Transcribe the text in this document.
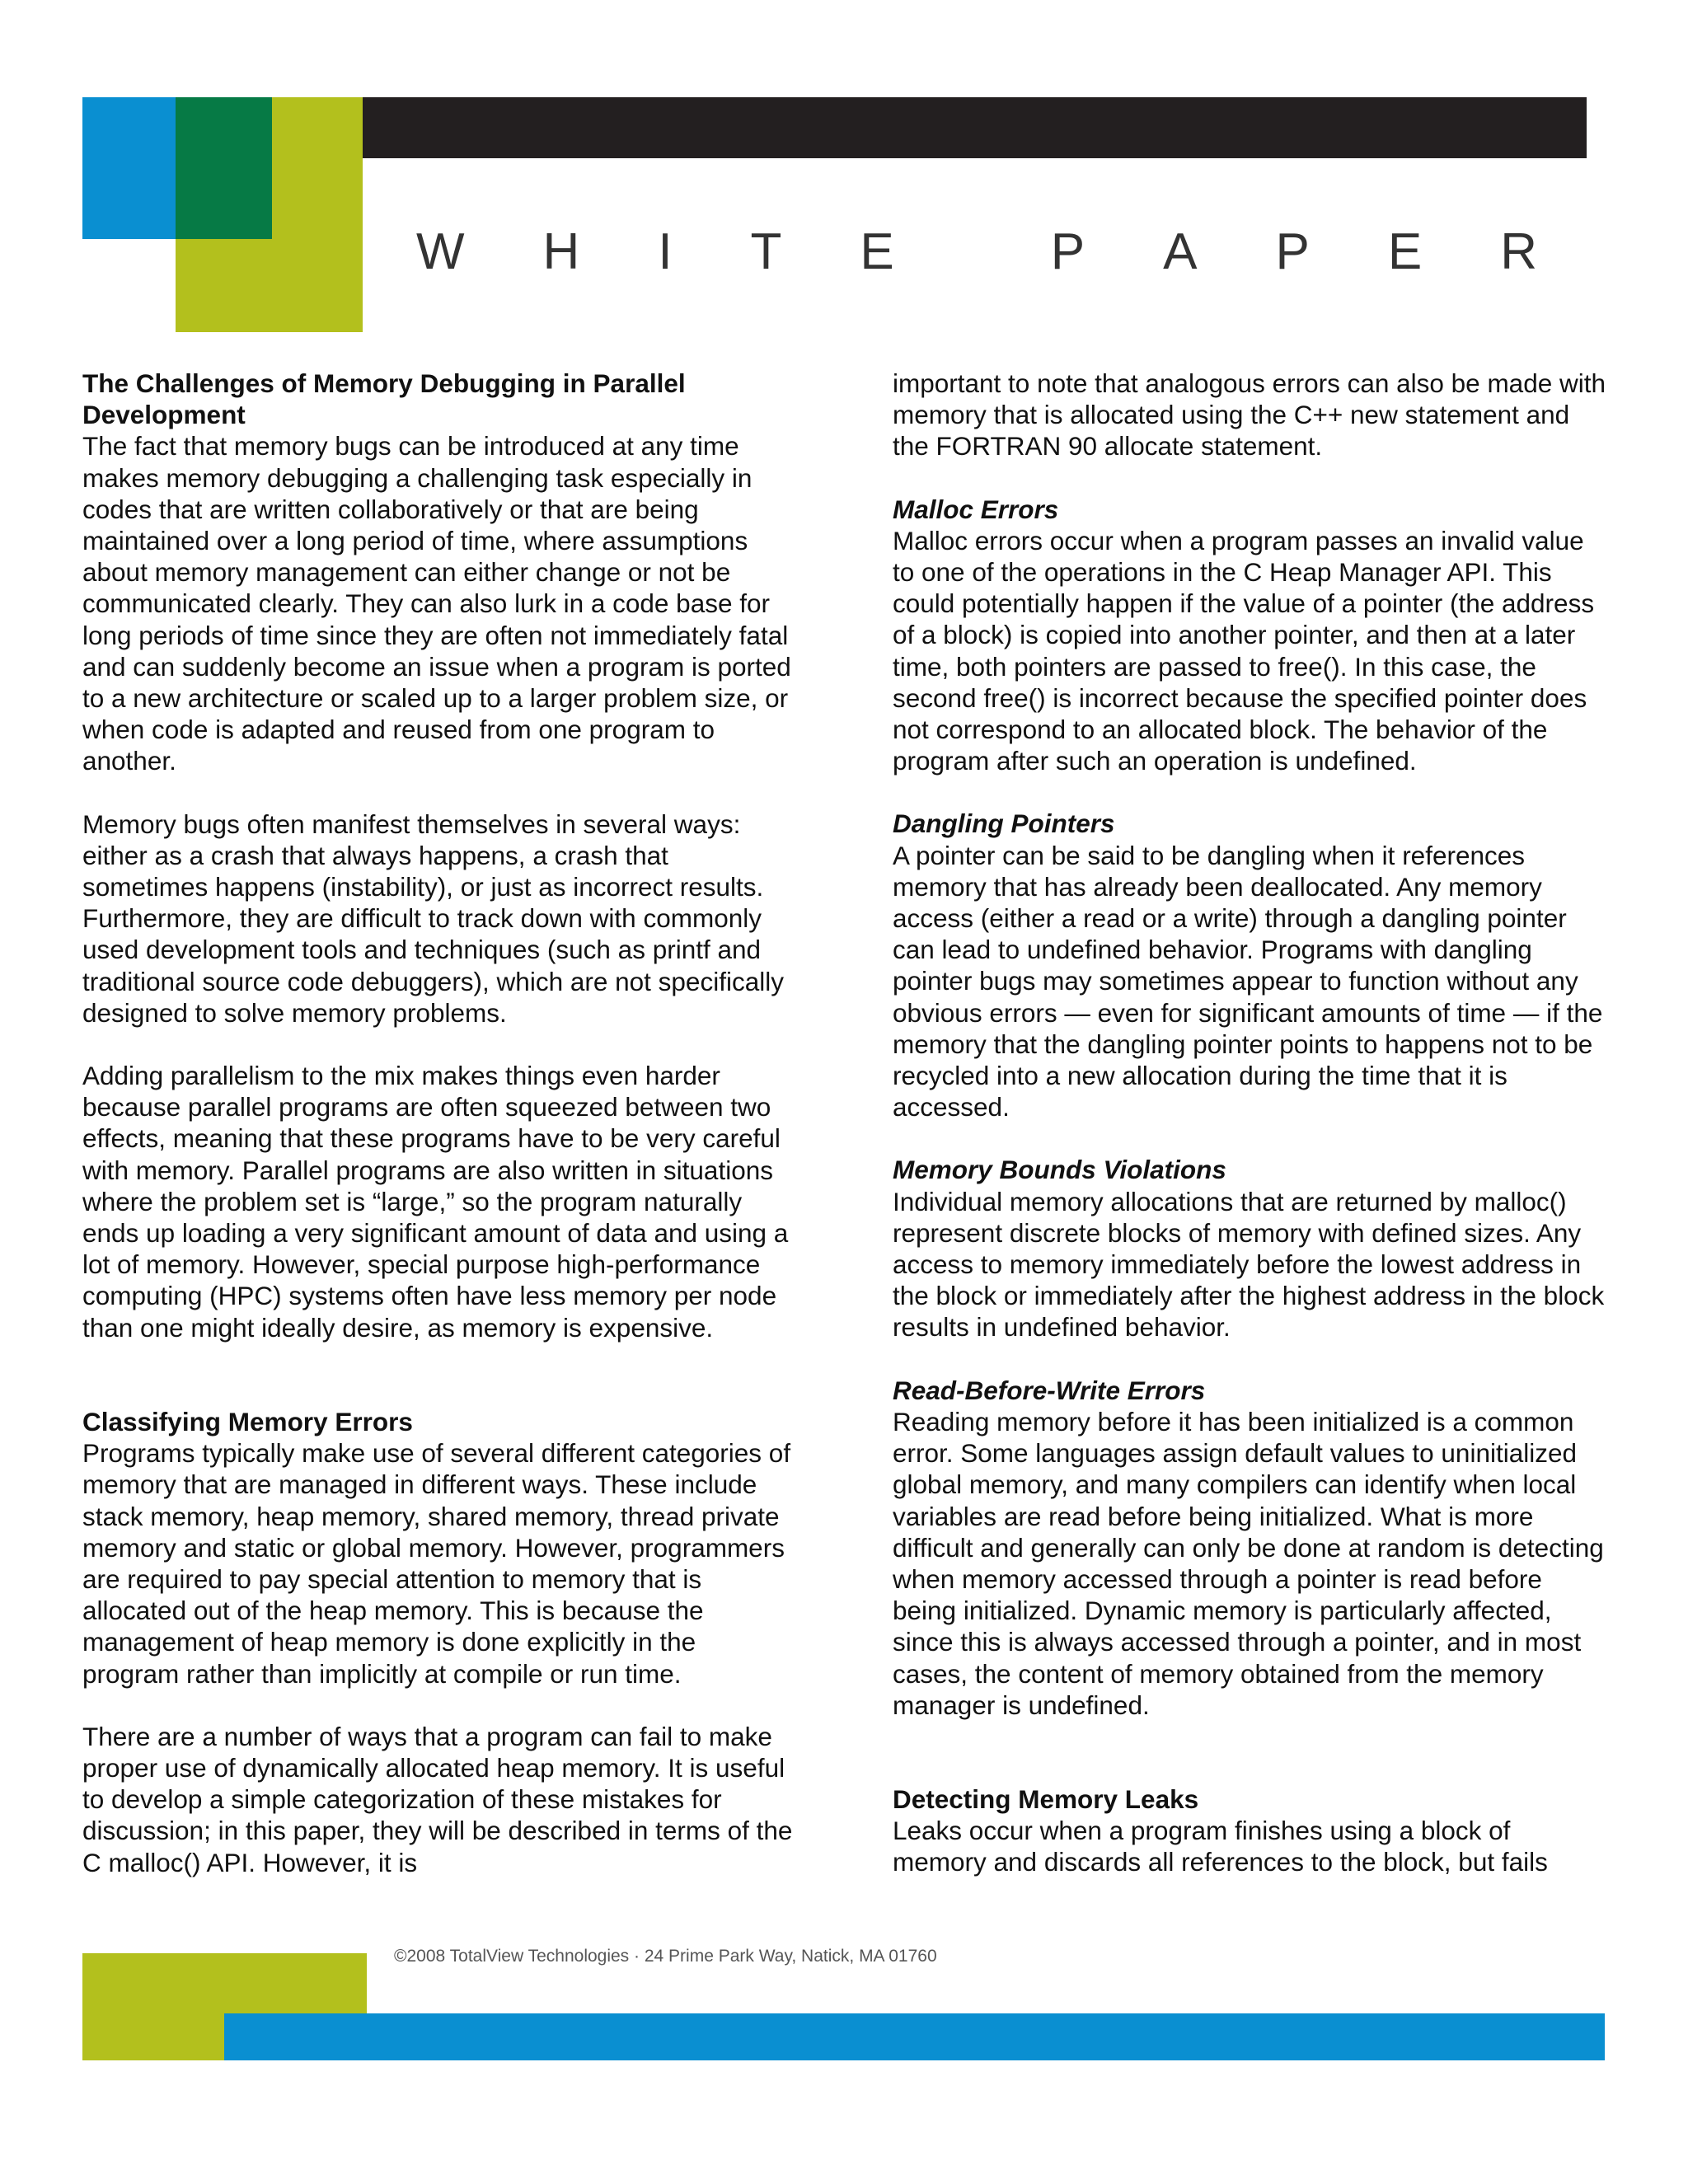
W H I T E	P A P E R
The Challenges of Memory Debugging in Parallel Development

The fact that memory bugs can be introduced at any time makes memory debugging a challenging task especially in codes that are written collaboratively or that are being maintained over a long period of time, where assumptions about memory management can either change or not be communicated clearly. They can also lurk in a code base for long periods of time since they are often not immediately fatal and can suddenly become an issue when a program is ported to a new architecture or scaled up to a larger problem size, or when code is adapted and reused from one program to another.

Memory bugs often manifest themselves in several ways: either as a crash that always happens, a crash that sometimes happens (instability), or just as incorrect results. Furthermore, they are difficult to track down with commonly used development tools and techniques (such as printf and traditional source code debuggers), which are not specifically designed to solve memory problems.

Adding parallelism to the mix makes things even harder because parallel programs are often squeezed between two effects, meaning that these programs have to be very careful with memory. Parallel programs are also written in situations where the problem set is “large,” so the program naturally ends up loading a very significant amount of data and using a lot of memory. However, special purpose high-performance computing (HPC) systems often have less memory per node than one might ideally desire, as memory is expensive.

Classifying Memory Errors

Programs typically make use of several different categories of memory that are managed in different ways. These include stack memory, heap memory, shared memory, thread private memory and static or global memory. However, programmers are required to pay special attention to memory that is allocated out of the heap memory. This is because the management of heap memory is done explicitly in the program rather than implicitly at compile or run time.

There are a number of ways that a program can fail to make proper use of dynamically allocated heap memory. It is useful to develop a simple categorization of these mistakes for discussion; in this paper, they will be described in terms of the C malloc() API. However, it is

important to note that analogous errors can also be made with memory that is allocated using the C++ new statement and the FORTRAN 90 allocate statement.

Malloc Errors

Malloc errors occur when a program passes an invalid value to one of the operations in the C Heap Manager API. This could potentially happen if the value of a pointer (the address of a block) is copied into another pointer, and then at a later time, both pointers are passed to free(). In this case, the second free() is incorrect because the specified pointer does not correspond to an allocated block. The behavior of the program after such an operation is undefined.

Dangling Pointers

A pointer can be said to be dangling when it references memory that has already been deallocated. Any memory access (either a read or a write) through a dangling pointer can lead to undefined behavior. Programs with dangling pointer bugs may sometimes appear to function without any obvious errors — even for significant amounts of time — if the memory that the dangling pointer points to happens not to be recycled into a new allocation during the time that it is accessed.

Memory Bounds Violations

Individual memory allocations that are returned by malloc() represent discrete blocks of memory with defined sizes. Any access to memory immediately before the lowest address in the block or immediately after the highest address in the block results in undefined behavior.

Read-Before-Write Errors

Reading memory before it has been initialized is a common error. Some languages assign default values to uninitialized global memory, and many compilers can identify when local variables are read before being initialized. What is more difficult and generally can only be done at random is detecting when memory accessed through a pointer is read before being initialized. Dynamic memory is particularly affected, since this is always accessed through a pointer, and in most cases, the content of memory obtained from the memory manager is undefined.

Detecting Memory Leaks

Leaks occur when a program finishes using a block of memory and discards all references to the block, but fails

©2008 TotalView Technologies · 24 Prime Park Way, Natick, MA 01760
